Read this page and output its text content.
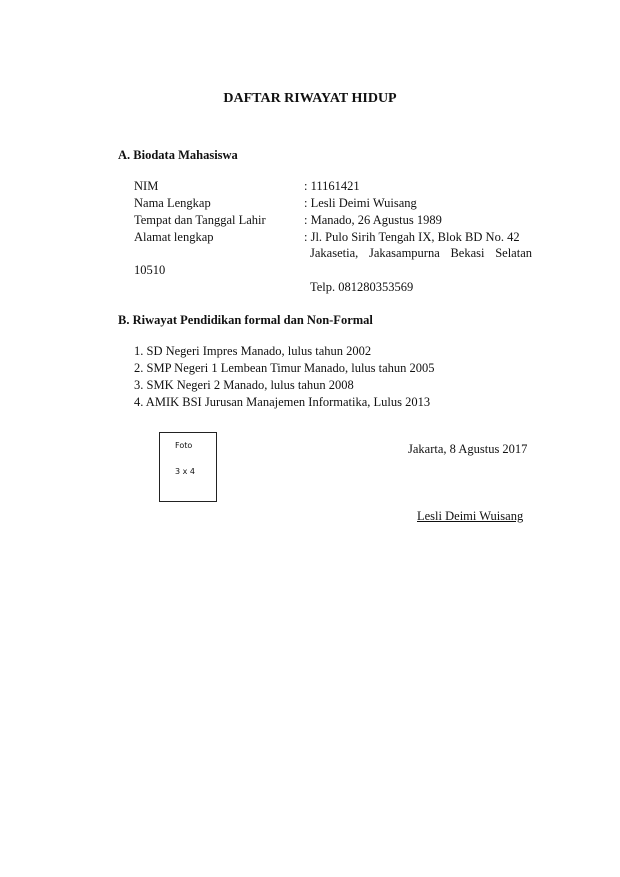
DAFTAR RIWAYAT HIDUP
A. Biodata Mahasiswa
NIM	: 11161421
Nama Lengkap	: Lesli Deimi Wuisang
Tempat dan Tanggal Lahir	: Manado, 26 Agustus 1989
Alamat lengkap	: Jl. Pulo Sirih Tengah IX, Blok BD No. 42
Jakasetia, Jakasampurna Bekasi Selatan
10510
Telp. 081280353569
B. Riwayat Pendidikan formal dan Non-Formal
1. SD Negeri Impres Manado, lulus tahun 2002
2. SMP Negeri 1 Lembean Timur Manado, lulus tahun 2005
3. SMK Negeri 2 Manado, lulus tahun 2008
4. AMIK BSI Jurusan Manajemen Informatika, Lulus 2013
Foto
3 x 4
Jakarta, 8 Agustus 2017
Lesli Deimi Wuisang
